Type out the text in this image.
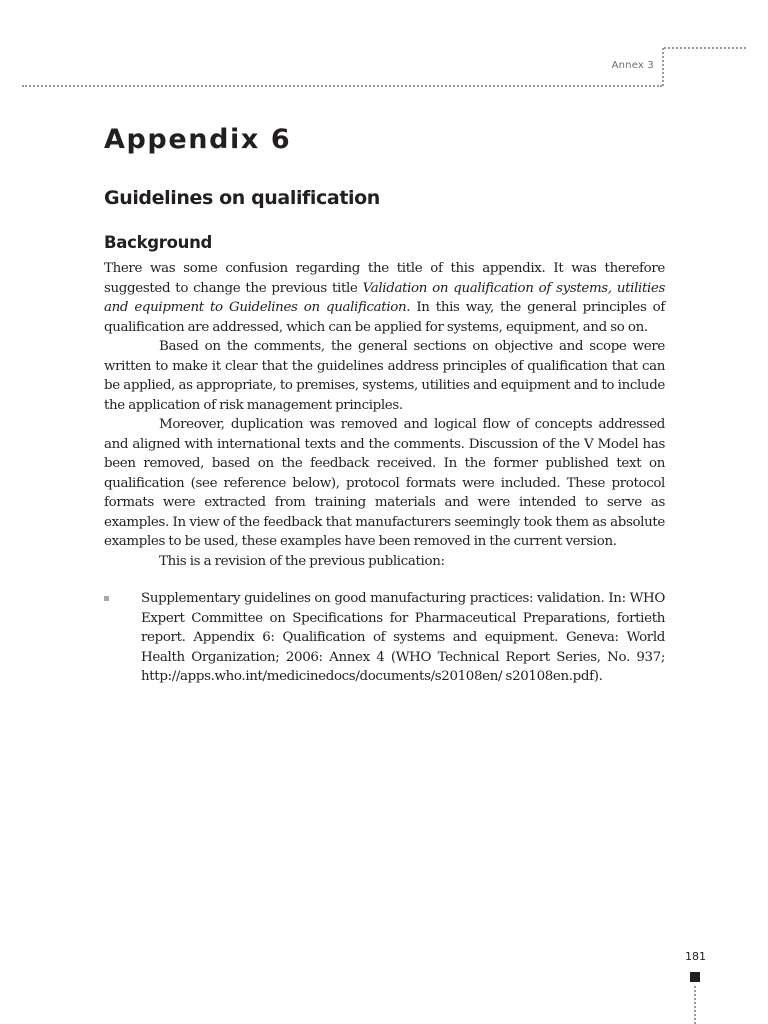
Annex 3
Appendix 6
Guidelines on qualification
Background

There was some confusion regarding the title of this appendix. It was therefore suggested to change the previous title Validation on qualification of systems, utilities and equipment to Guidelines on qualification. In this way, the general principles of qualification are addressed, which can be applied for systems, equipment, and so on.

Based on the comments, the general sections on objective and scope were written to make it clear that the guidelines address principles of qualification that can be applied, as appropriate, to premises, systems, utilities and equipment and to include the application of risk management principles.

Moreover, duplication was removed and logical flow of concepts addressed and aligned with international texts and the comments. Discussion of the V Model has been removed, based on the feedback received. In the former published text on qualification (see reference below), protocol formats were included. These protocol formats were extracted from training materials and were intended to serve as examples. In view of the feedback that manufacturers seemingly took them as absolute examples to be used, these examples have been removed in the current version.

This is a revision of the previous publication:

Supplementary guidelines on good manufacturing practices: validation. In: WHO Expert Committee on Specifications for Pharmaceutical Preparations, fortieth report. Appendix 6: Qualification of systems and equipment. Geneva: World Health Organization; 2006: Annex 4 (WHO Technical Report Series, No. 937; http://apps.who.int/medicinedocs/documents/s20108en/ s20108en.pdf).
181
